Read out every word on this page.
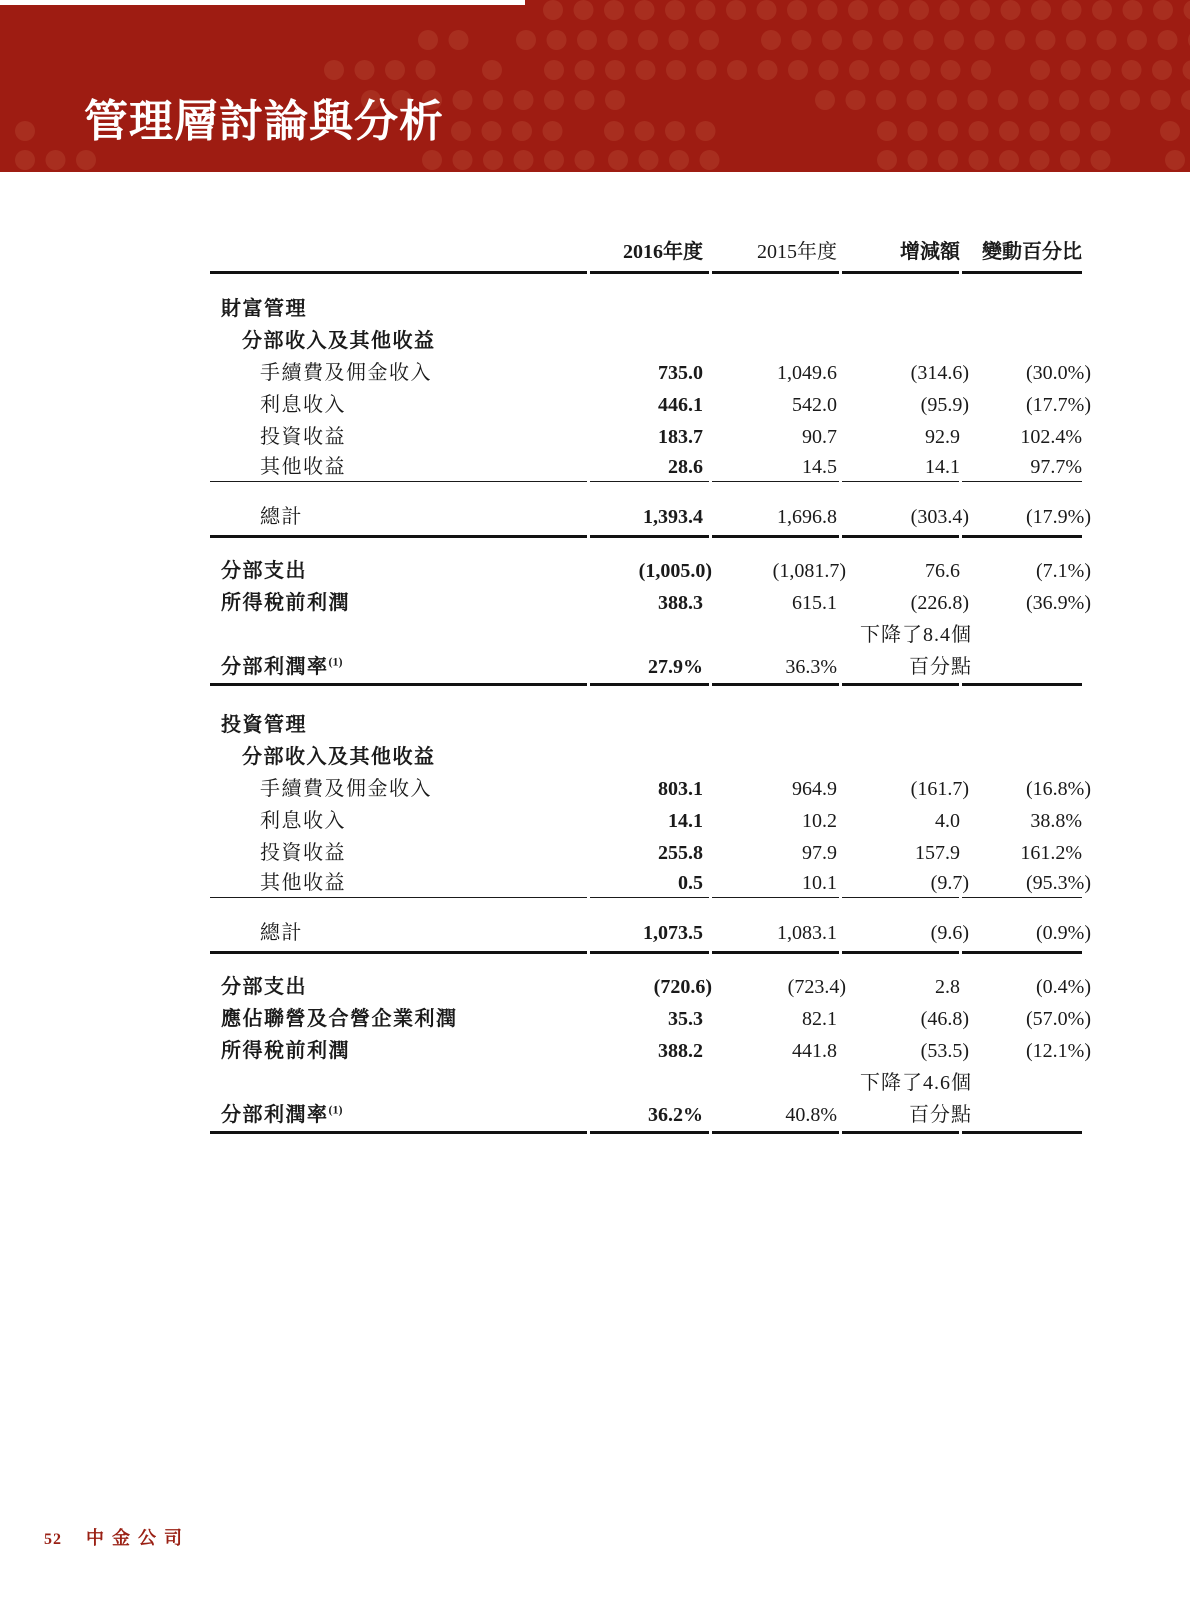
管理層討論與分析
	2016年度	2015年度	增減額	變動百分比

財富管理				
分部收入及其他收益				
手續費及佣金收入	735.0	1,049.6	(314.6)	(30.0%)
利息收入	446.1	542.0	(95.9)	(17.7%)
投資收益	183.7	90.7	92.9	102.4%
其他收益	28.6	14.5	14.1	97.7%

總計	1,393.4	1,696.8	(303.4)	(17.9%)

分部支出	(1,005.0)	(1,081.7)	76.6	(7.1%)
所得稅前利潤	388.3	615.1	(226.8)	(36.9%)
			下降了8.4個	
分部利潤率$^{(1)}$	27.9%	36.3%	百分點	

投資管理				
分部收入及其他收益				
手續費及佣金收入	803.1	964.9	(161.7)	(16.8%)
利息收入	14.1	10.2	4.0	38.8%
投資收益	255.8	97.9	157.9	161.2%
其他收益	0.5	10.1	(9.7)	(95.3%)

總計	1,073.5	1,083.1	(9.6)	(0.9%)

分部支出	(720.6)	(723.4)	2.8	(0.4%)
應佔聯營及合營企業利潤	35.3	82.1	(46.8)	(57.0%)
所得稅前利潤	388.2	441.8	(53.5)	(12.1%)
			下降了4.6個	
分部利潤率$^{(1)}$	36.2%	40.8%	百分點	

52 中金公司
